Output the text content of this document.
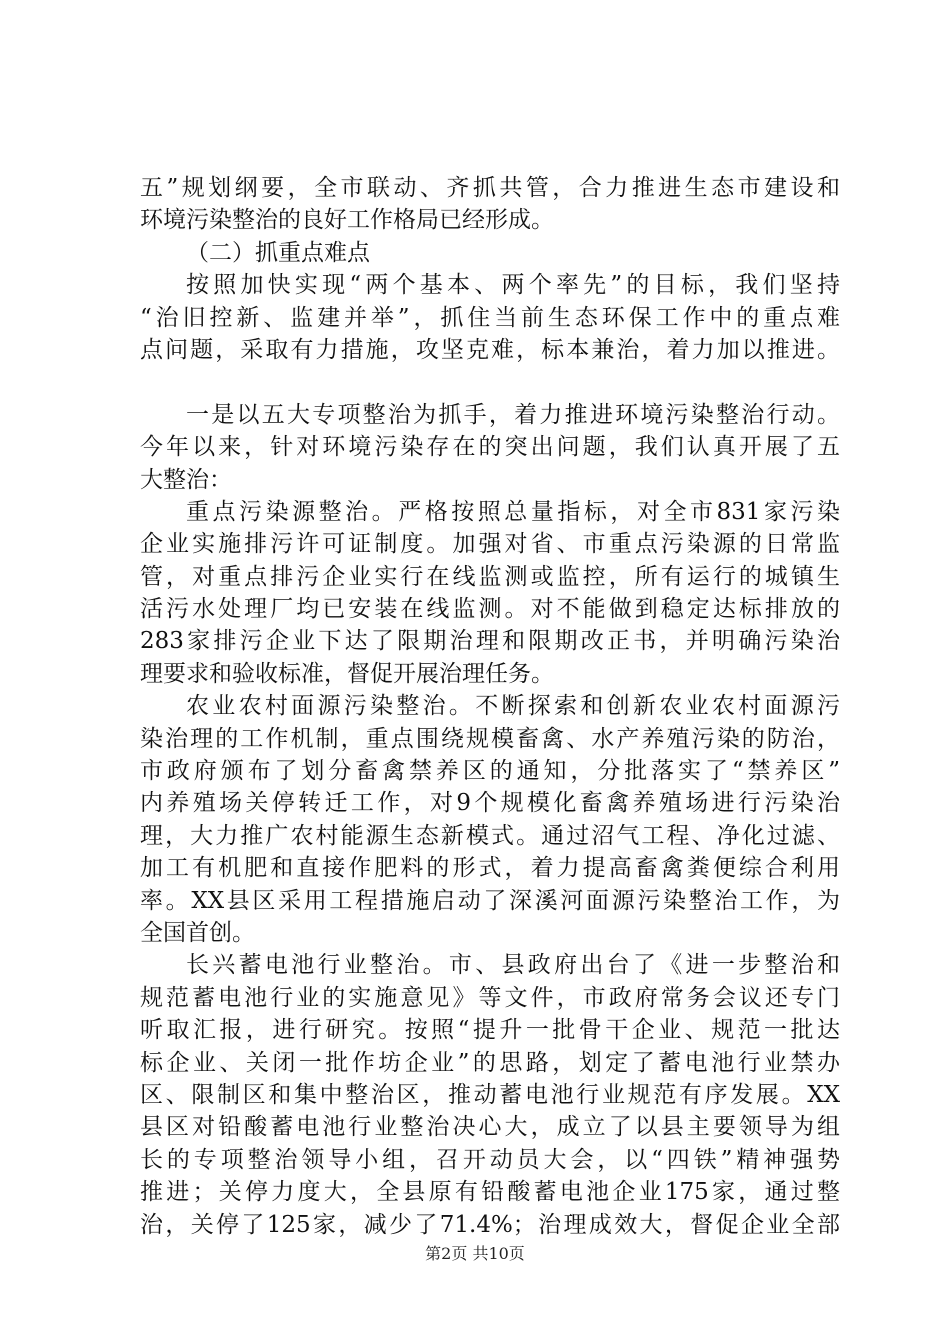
五”规划纲要，全市联动、齐抓共管，合力推进生态市建设和
环境污染整治的良好工作格局已经形成。
（二）抓重点难点
按照加快实现“两个基本、两个率先”的目标，我们坚持
“治旧控新、监建并举”，抓住当前生态环保工作中的重点难
点问题，采取有力措施，攻坚克难，标本兼治，着力加以推进。
一是以五大专项整治为抓手，着力推进环境污染整治行动。
今年以来，针对环境污染存在的突出问题，我们认真开展了五
大整治：
重点污染源整治。严格按照总量指标，对全市831家污染
企业实施排污许可证制度。加强对省、市重点污染源的日常监
管，对重点排污企业实行在线监测或监控，所有运行的城镇生
活污水处理厂均已安装在线监测。对不能做到稳定达标排放的
283家排污企业下达了限期治理和限期改正书，并明确污染治
理要求和验收标准，督促开展治理任务。
农业农村面源污染整治。不断探索和创新农业农村面源污
染治理的工作机制，重点围绕规模畜禽、水产养殖污染的防治，
市政府颁布了划分畜禽禁养区的通知，分批落实了“禁养区”
内养殖场关停转迁工作，对9个规模化畜禽养殖场进行污染治
理，大力推广农村能源生态新模式。通过沼气工程、净化过滤、
加工有机肥和直接作肥料的形式，着力提高畜禽粪便综合利用
率。XX县区采用工程措施启动了深溪河面源污染整治工作，为
全国首创。
长兴蓄电池行业整治。市、县政府出台了《进一步整治和
规范蓄电池行业的实施意见》等文件，市政府常务会议还专门
听取汇报，进行研究。按照“提升一批骨干企业、规范一批达
标企业、关闭一批作坊企业”的思路，划定了蓄电池行业禁办
区、限制区和集中整治区，推动蓄电池行业规范有序发展。XX
县区对铅酸蓄电池行业整治决心大，成立了以县主要领导为组
长的专项整治领导小组，召开动员大会，以“四铁”精神强势
推进；关停力度大，全县原有铅酸蓄电池企业175家，通过整
治，关停了125家，减少了71.4%；治理成效大，督促企业全部
第2页 共10页
